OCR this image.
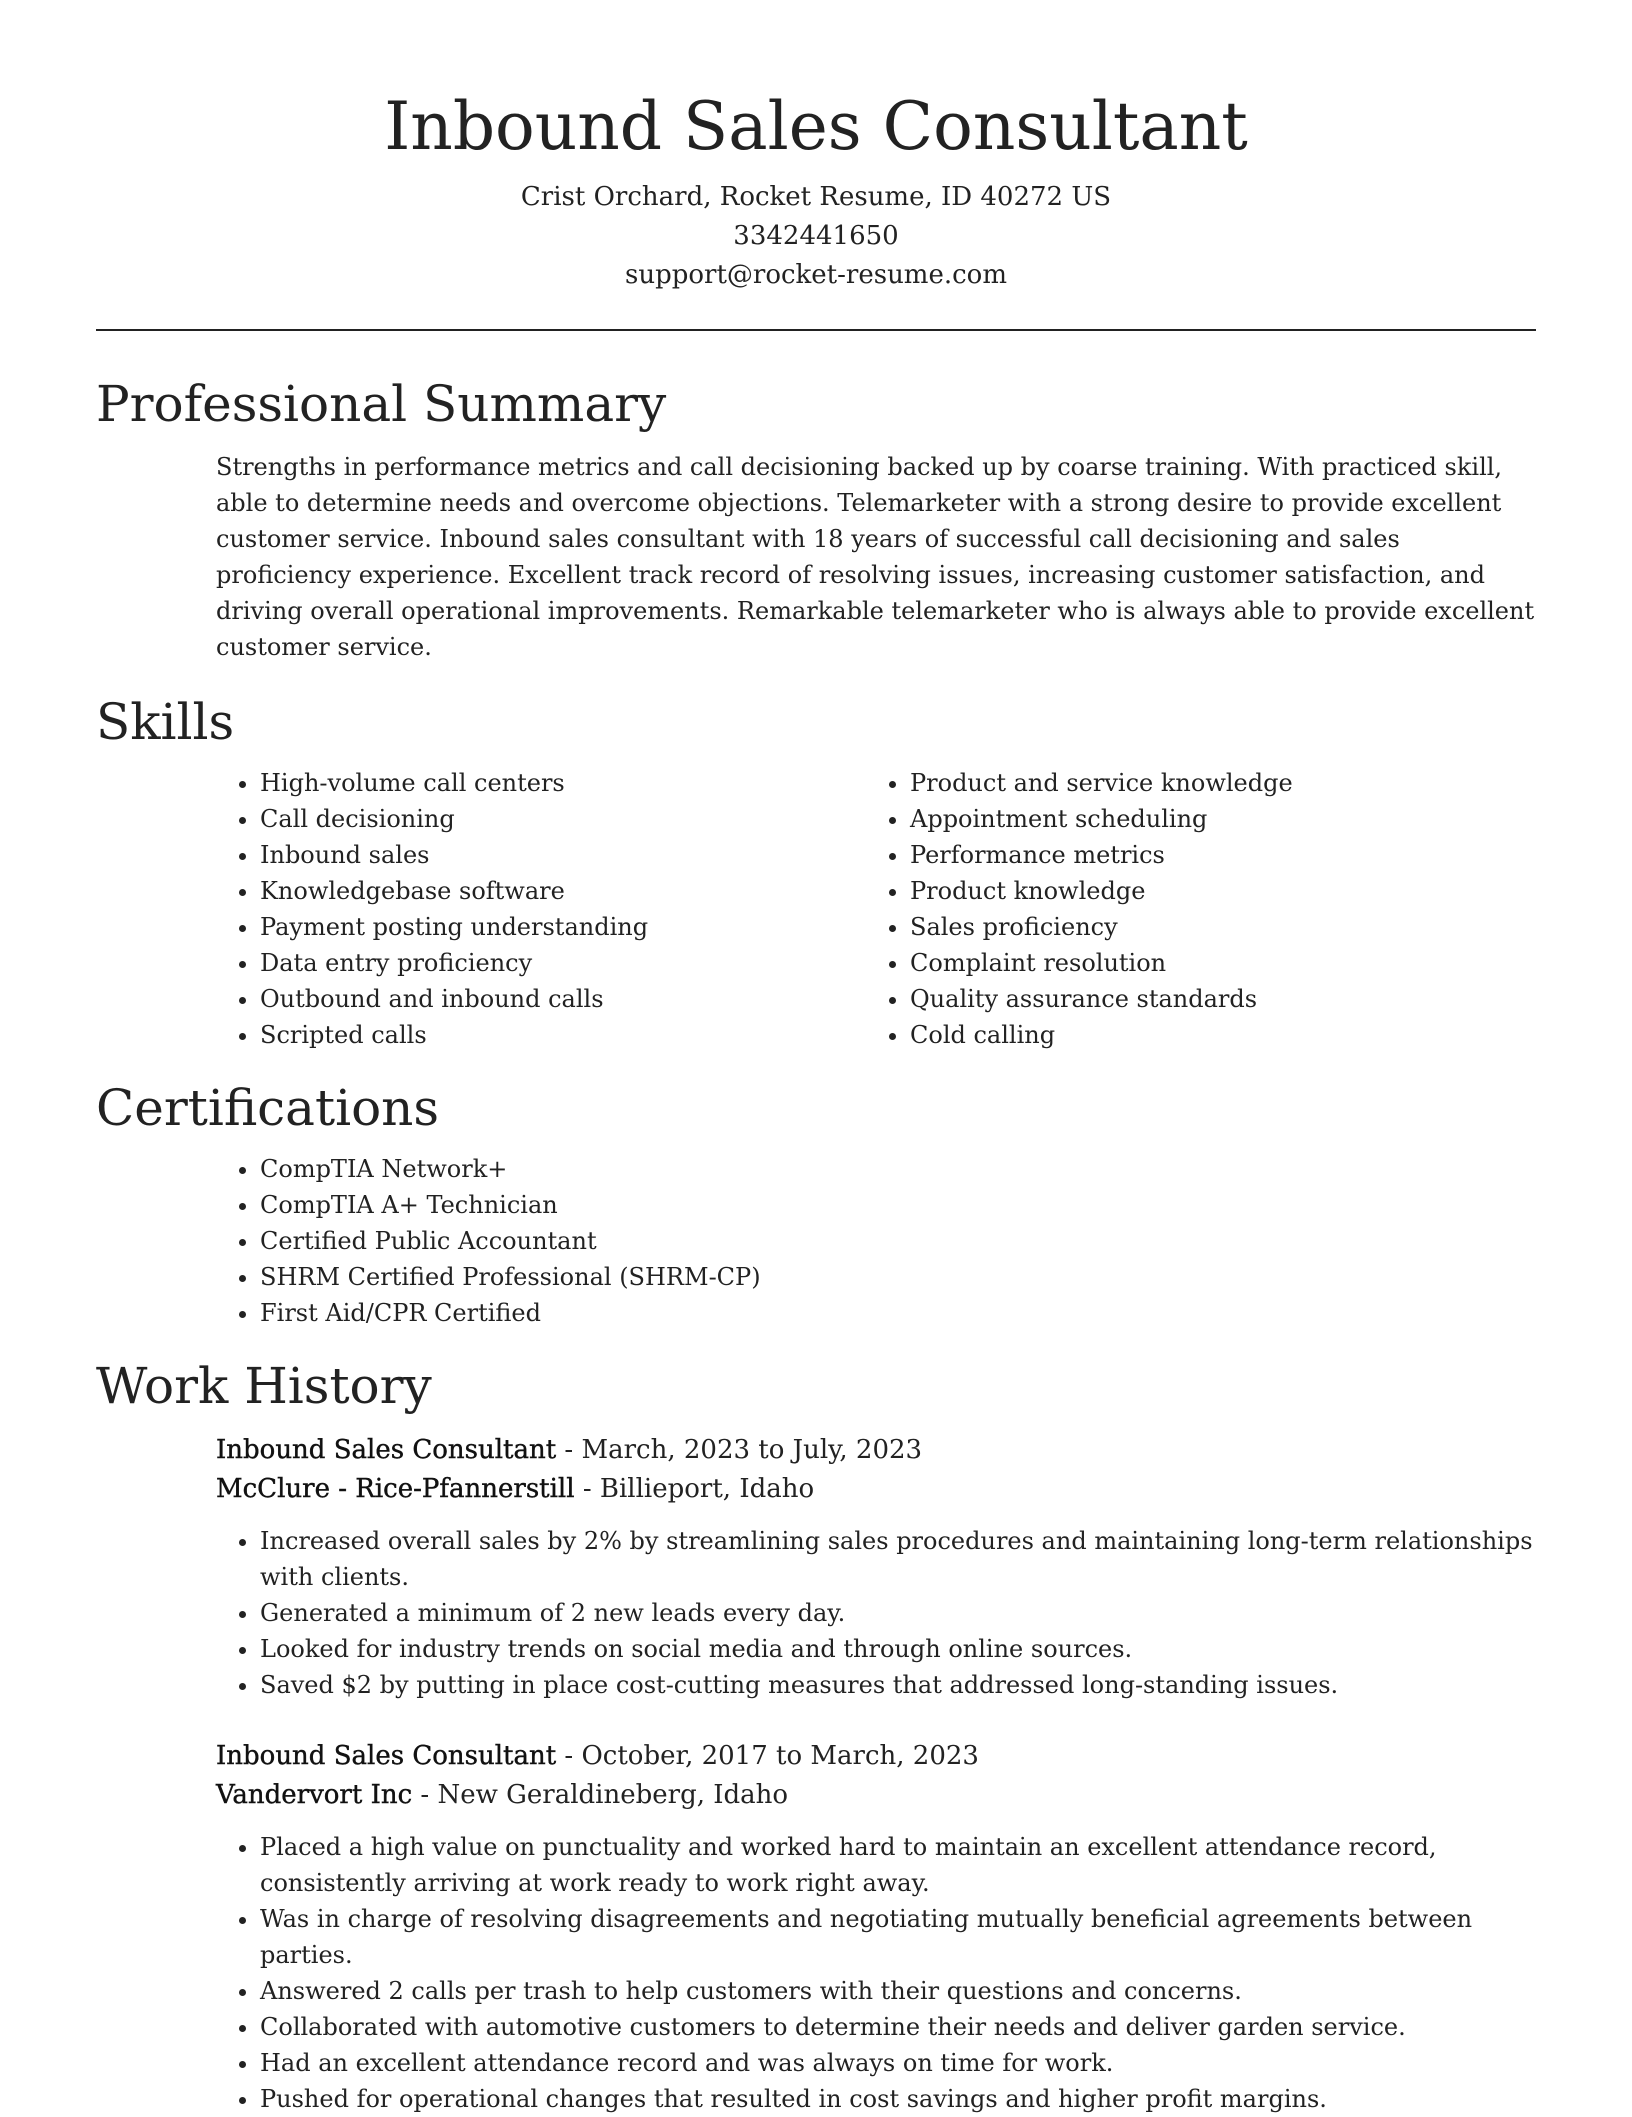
Inbound Sales Consultant
Crist Orchard, Rocket Resume, ID 40272 US
3342441650
support@rocket-resume.com
Professional Summary

Strengths in performance metrics and call decisioning backed up by coarse training. With practiced skill, able to determine needs and overcome objections. Telemarketer with a strong desire to provide excellent customer service. Inbound sales consultant with 18 years of successful call decisioning and sales proficiency experience. Excellent track record of resolving issues, increasing customer satisfaction, and driving overall operational improvements. Remarkable telemarketer who is always able to provide excellent customer service.

Skills
• High-volume call centers
• Call decisioning
• Inbound sales
• Knowledgebase software
• Payment posting understanding
• Data entry proficiency
• Outbound and inbound calls
• Scripted calls
• Product and service knowledge
• Appointment scheduling
• Performance metrics
• Product knowledge
• Sales proficiency
• Complaint resolution
• Quality assurance standards
• Cold calling
Certifications
• CompTIA Network+
• CompTIA A+ Technician
• Certified Public Accountant
• SHRM Certified Professional (SHRM-CP)
• First Aid/CPR Certified
Work History
Inbound Sales Consultant - March, 2023 to July, 2023
McClure - Rice-Pfannerstill - Billieport, Idaho
• Increased overall sales by 2% by streamlining sales procedures and maintaining long-term relationships with clients.
• Generated a minimum of 2 new leads every day.
• Looked for industry trends on social media and through online sources.
• Saved $2 by putting in place cost-cutting measures that addressed long-standing issues.
Inbound Sales Consultant - October, 2017 to March, 2023
Vandervort Inc - New Geraldineberg, Idaho
• Placed a high value on punctuality and worked hard to maintain an excellent attendance record, consistently arriving at work ready to work right away.
• Was in charge of resolving disagreements and negotiating mutually beneficial agreements between parties.
• Answered 2 calls per trash to help customers with their questions and concerns.
• Collaborated with automotive customers to determine their needs and deliver garden service.
• Had an excellent attendance record and was always on time for work.
• Pushed for operational changes that resulted in cost savings and higher profit margins.
